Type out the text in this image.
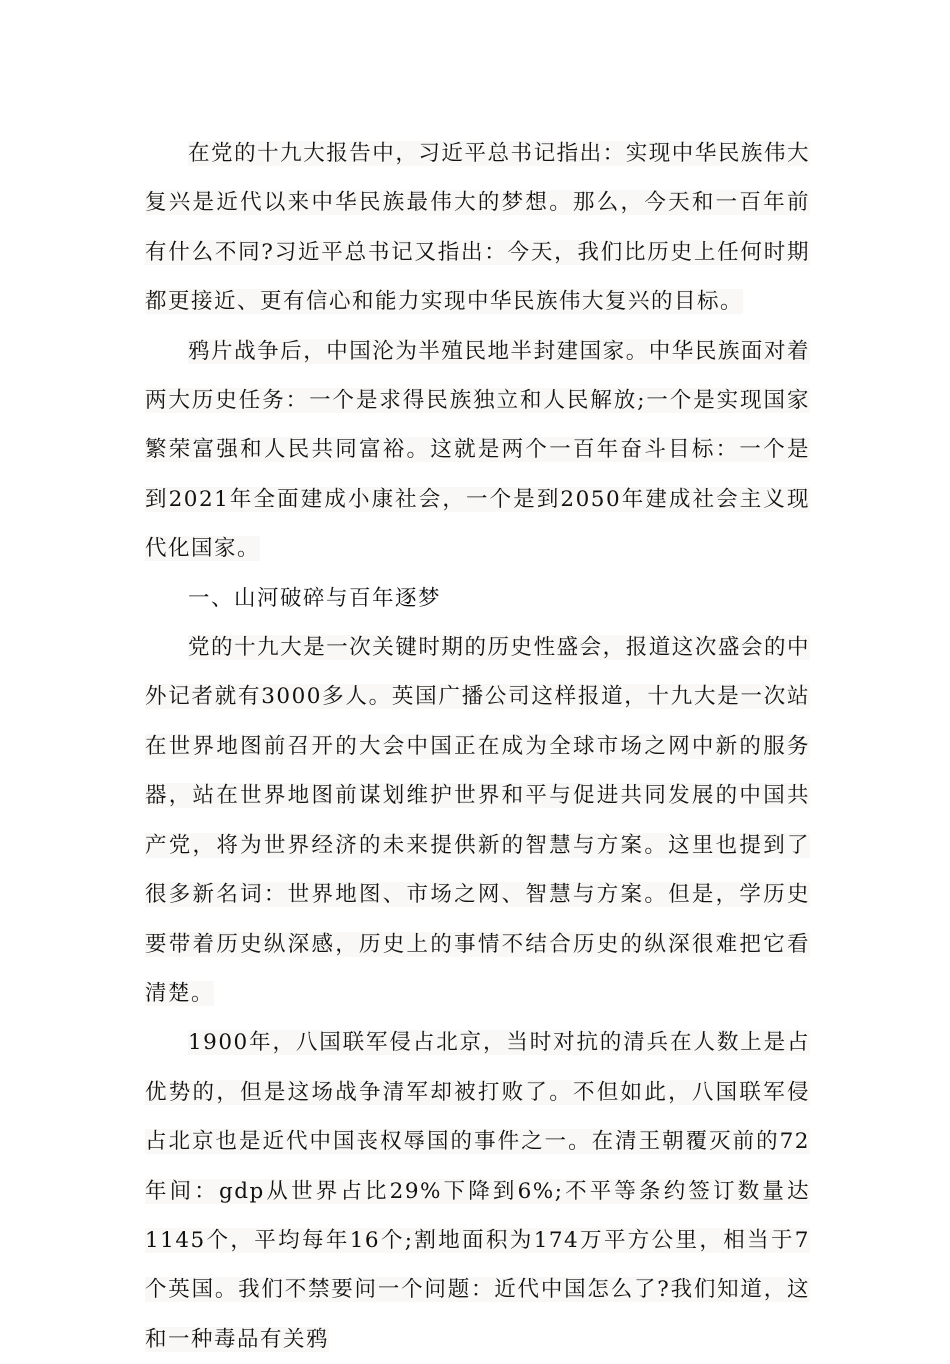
在党的十九大报告中，习近平总书记指出：实现中华民族伟大复兴是近代以来中华民族最伟大的梦想。那么，今天和一百年前有什么不同?习近平总书记又指出：今天，我们比历史上任何时期都更接近、更有信心和能力实现中华民族伟大复兴的目标。

鸦片战争后，中国沦为半殖民地半封建国家。中华民族面对着两大历史任务：一个是求得民族独立和人民解放;一个是实现国家繁荣富强和人民共同富裕。这就是两个一百年奋斗目标：一个是到2021年全面建成小康社会，一个是到2050年建成社会主义现代化国家。

一、山河破碎与百年逐梦

党的十九大是一次关键时期的历史性盛会，报道这次盛会的中外记者就有3000多人。英国广播公司这样报道，十九大是一次站在世界地图前召开的大会中国正在成为全球市场之网中新的服务器，站在世界地图前谋划维护世界和平与促进共同发展的中国共产党，将为世界经济的未来提供新的智慧与方案。这里也提到了很多新名词：世界地图、市场之网、智慧与方案。但是，学历史要带着历史纵深感，历史上的事情不结合历史的纵深很难把它看清楚。

1900年，八国联军侵占北京，当时对抗的清兵在人数上是占优势的，但是这场战争清军却被打败了。不但如此，八国联军侵占北京也是近代中国丧权辱国的事件之一。在清王朝覆灭前的72年间：gdp从世界占比29%下降到6%;不平等条约签订数量达1145个，平均每年16个;割地面积为174万平方公里，相当于7个英国。我们不禁要问一个问题：近代中国怎么了?我们知道，这和一种毒品有关鸦
